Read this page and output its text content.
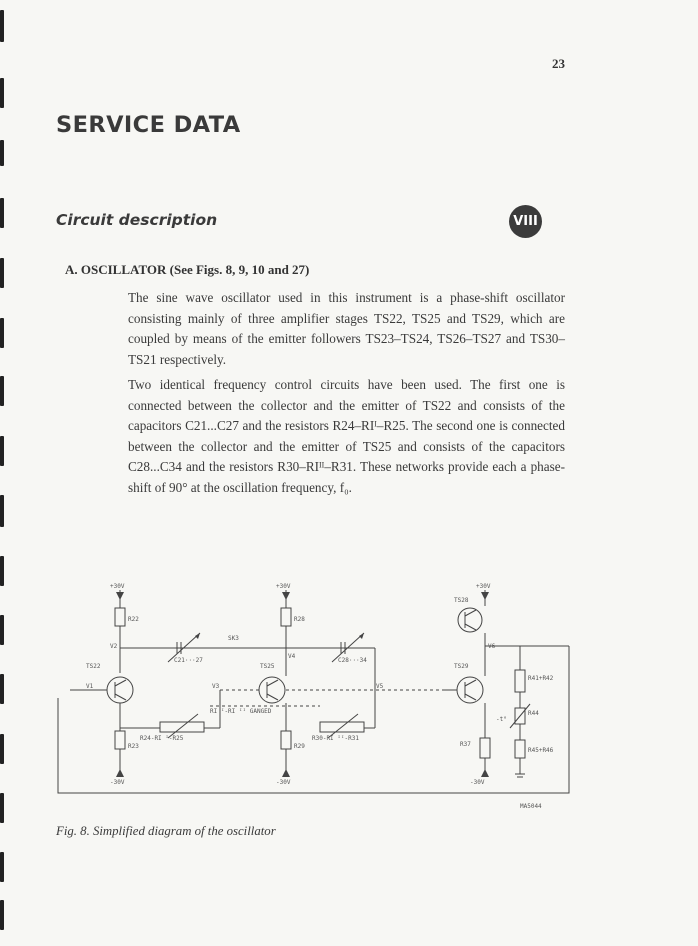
23
SERVICE DATA
Circuit description	VIII
A. OSCILLATOR (See Figs. 8, 9, 10 and 27)

The sine wave oscillator used in this instrument is a phase-shift oscillator consisting mainly of three amplifier stages TS22, TS25 and TS29, which are coupled by means of the emitter followers TS23–TS24, TS26–TS27 and TS30–TS21 respectively.

Two identical frequency control circuits have been used. The first one is connected between the collector and the emitter of TS22 and consists of the capacitors C21...C27 and the resistors R24–RIᴵ–R25. The second one is connected between the collector and the emitter of TS25 and consists of the capacitors C28...C34 and the resistors R30–RIᴵᴵ–R31. These networks provide each a phase-shift of 90° at the oscillation frequency, f₀.

+30V	+30V	+30V
R22	R28
TS28
SK3
V2
V4
V6
C21···27	C28···34
TS22	TS25	TS29
R41+R42
V1	V3	V5
RI ᴵ-RI ᴵᴵ GANGED	R44
-t°
R24-RI ᴵ-R25	R30-RI ᴵᴵ-R31
R23	R29	R37
R45+R46
-30V	-30V	-30V
MA5044

Fig. 8. Simplified diagram of the oscillator
